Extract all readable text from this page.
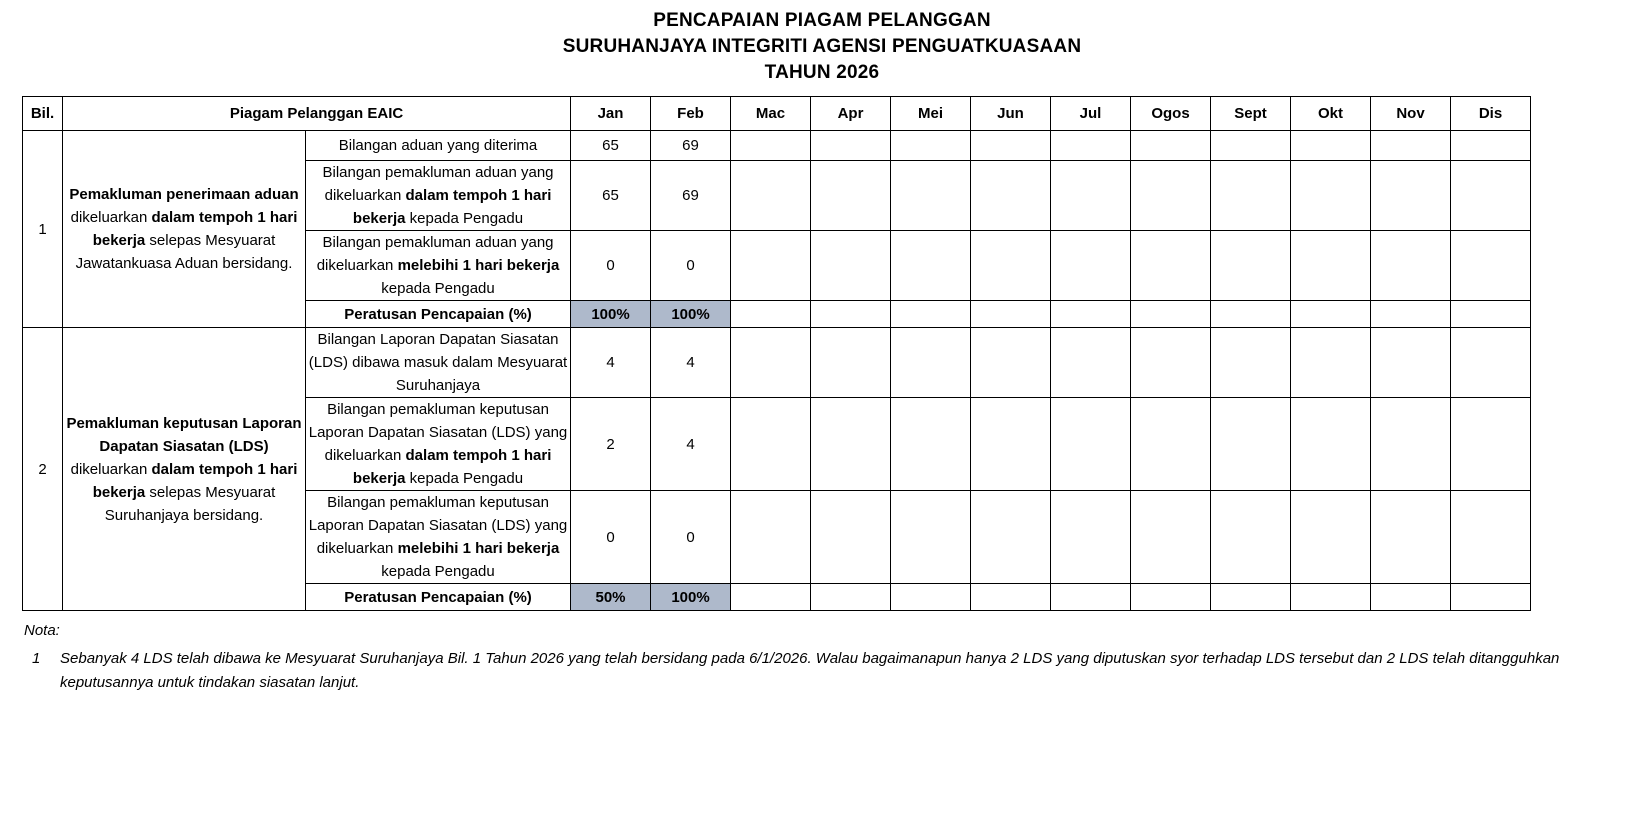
PENCAPAIAN PIAGAM PELANGGAN
SURUHANJAYA INTEGRITI AGENSI PENGUATKUASAAN
TAHUN 2026
Bil.	Piagam Pelanggan EAIC		Jan	Feb	Mac	Apr	Mei	Jun	Jul	Ogos	Sept	Okt	Nov	Dis
1	Pemakluman penerimaan aduan dikeluarkan dalam tempoh 1 hari bekerja selepas Mesyuarat Jawatankuasa Aduan bersidang.	Bilangan aduan yang diterima	65	69										
		Bilangan pemakluman aduan yang dikeluarkan dalam tempoh 1 hari bekerja kepada Pengadu	65	69										
		Bilangan pemakluman aduan yang dikeluarkan melebihi 1 hari bekerja kepada Pengadu	0	0										
		Peratusan Pencapaian (%)	100%	100%										
2	Pemakluman keputusan Laporan Dapatan Siasatan (LDS) dikeluarkan dalam tempoh 1 hari bekerja selepas Mesyuarat Suruhanjaya bersidang.	Bilangan Laporan Dapatan Siasatan (LDS) dibawa masuk dalam Mesyuarat Suruhanjaya	4	4										
		Bilangan pemakluman keputusan Laporan Dapatan Siasatan (LDS) yang dikeluarkan dalam tempoh 1 hari bekerja kepada Pengadu	2	4										
		Bilangan pemakluman keputusan Laporan Dapatan Siasatan (LDS) yang dikeluarkan melebihi 1 hari bekerja kepada Pengadu	0	0										
		Peratusan Pencapaian (%)	50%	100%										
Nota:
1	Sebanyak 4 LDS telah dibawa ke Mesyuarat Suruhanjaya Bil. 1 Tahun 2026 yang telah bersidang pada 6/1/2026. Walau bagaimanapun hanya 2 LDS yang diputuskan syor terhadap LDS tersebut dan 2 LDS telah ditangguhkan keputusannya untuk tindakan siasatan lanjut.
